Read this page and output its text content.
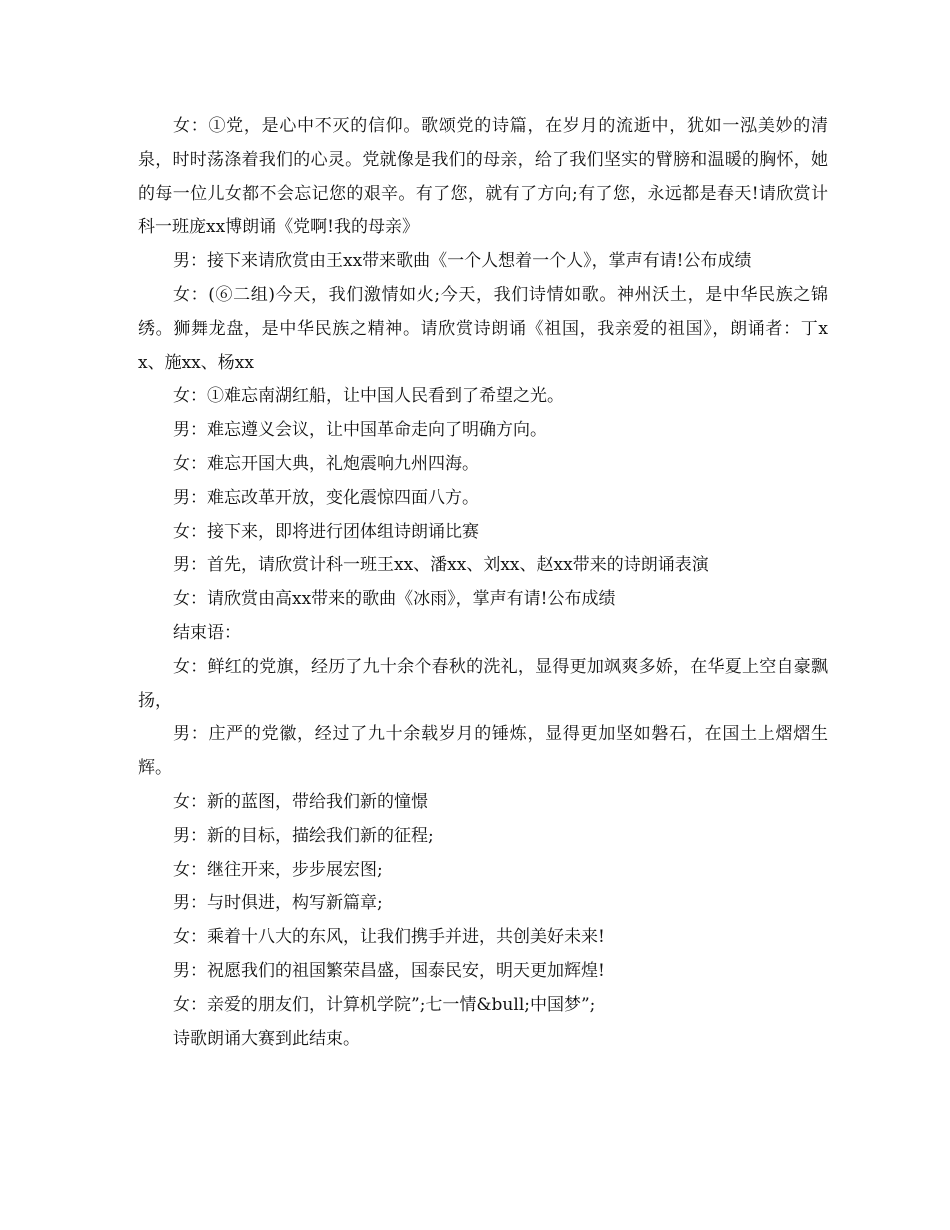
女：①党，是心中不灭的信仰。歌颂党的诗篇，在岁月的流逝中，犹如一泓美妙的清泉，时时荡涤着我们的心灵。党就像是我们的母亲，给了我们坚实的臂膀和温暖的胸怀，她的每一位儿女都不会忘记您的艰辛。有了您，就有了方向;有了您，永远都是春天!请欣赏计科一班庞xx博朗诵《党啊!我的母亲》

男：接下来请欣赏由王xx带来歌曲《一个人想着一个人》，掌声有请!公布成绩

女：(⑥二组)今天，我们激情如火;今天，我们诗情如歌。神州沃土，是中华民族之锦绣。狮舞龙盘，是中华民族之精神。请欣赏诗朗诵《祖国，我亲爱的祖国》，朗诵者：丁xx、施xx、杨xx

女：①难忘南湖红船，让中国人民看到了希望之光。

男：难忘遵义会议，让中国革命走向了明确方向。

女：难忘开国大典，礼炮震响九州四海。

男：难忘改革开放，变化震惊四面八方。

女：接下来，即将进行团体组诗朗诵比赛

男：首先，请欣赏计科一班王xx、潘xx、刘xx、赵xx带来的诗朗诵表演

女：请欣赏由高xx带来的歌曲《冰雨》，掌声有请!公布成绩

结束语：

女：鲜红的党旗，经历了九十余个春秋的洗礼，显得更加飒爽多娇，在华夏上空自豪飘扬，

男：庄严的党徽，经过了九十余载岁月的锤炼，显得更加坚如磐石，在国土上熠熠生辉。

女：新的蓝图，带给我们新的憧憬

男：新的目标，描绘我们新的征程;

女：继往开来，步步展宏图;

男：与时俱进，构写新篇章;

女：乘着十八大的东风，让我们携手并进，共创美好未来!

男：祝愿我们的祖国繁荣昌盛，国泰民安，明天更加辉煌!

女：亲爱的朋友们，计算机学院”;七一情&bull;中国梦”;

诗歌朗诵大赛到此结束。
